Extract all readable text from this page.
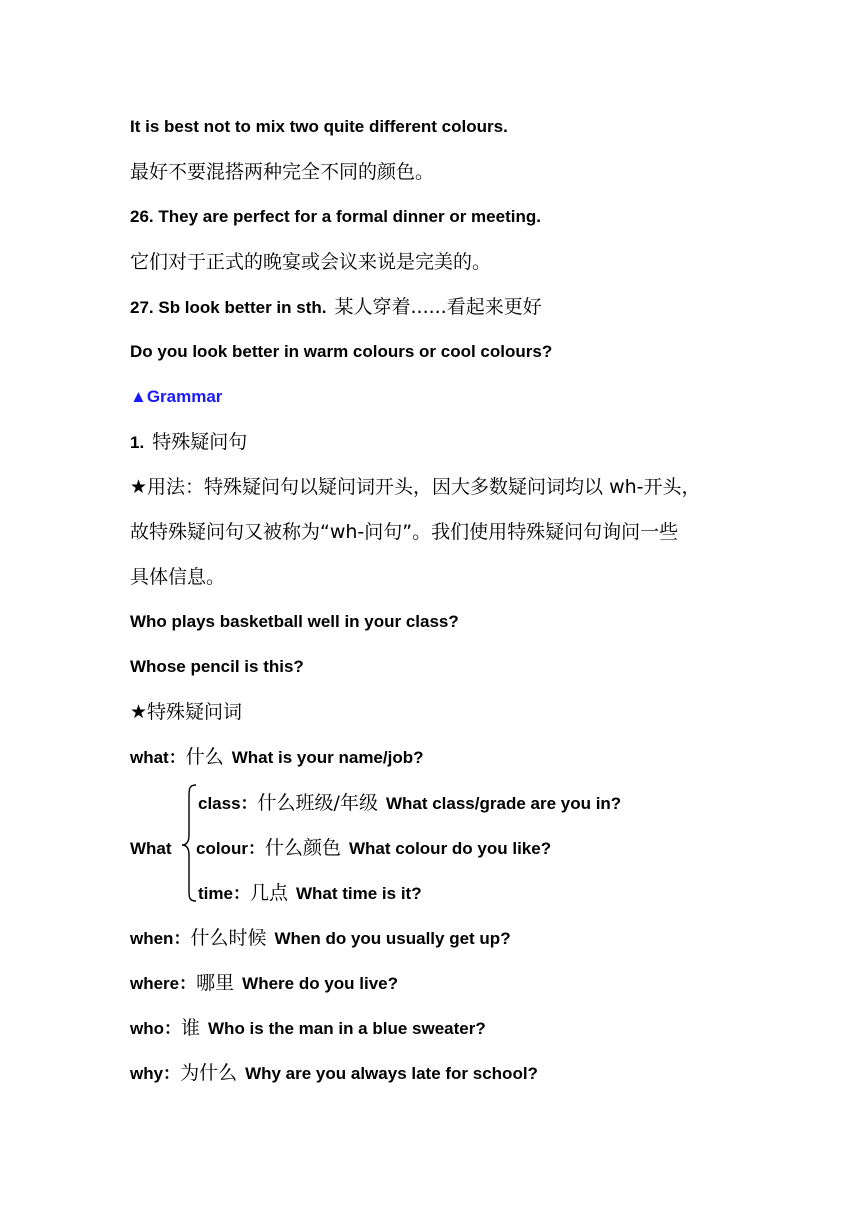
It is best not to mix two quite different colours.
最好不要混搭两种完全不同的颜色。
26. They are perfect for a formal dinner or meeting.
它们对于正式的晚宴或会议来说是完美的。
27. Sb look better in sth. 某人穿着......看起来更好
Do you look better in warm colours or cool colours?
▲Grammar
1. 特殊疑问句
★用法：特殊疑问句以疑问词开头，因大多数疑问词均以 wh-开头，
故特殊疑问句又被称为“wh-问句”。我们使用特殊疑问句询问一些
具体信息。
Who plays basketball well in your class?
Whose pencil is this?
★特殊疑问词
what：什么 What is your name/job?
What
class：什么班级/年级 What class/grade are you in?
colour：什么颜色 What colour do you like?
time：几点 What time is it?
when：什么时候 When do you usually get up?
where：哪里 Where do you live?
who：谁 Who is the man in a blue sweater?
why：为什么 Why are you always late for school?
